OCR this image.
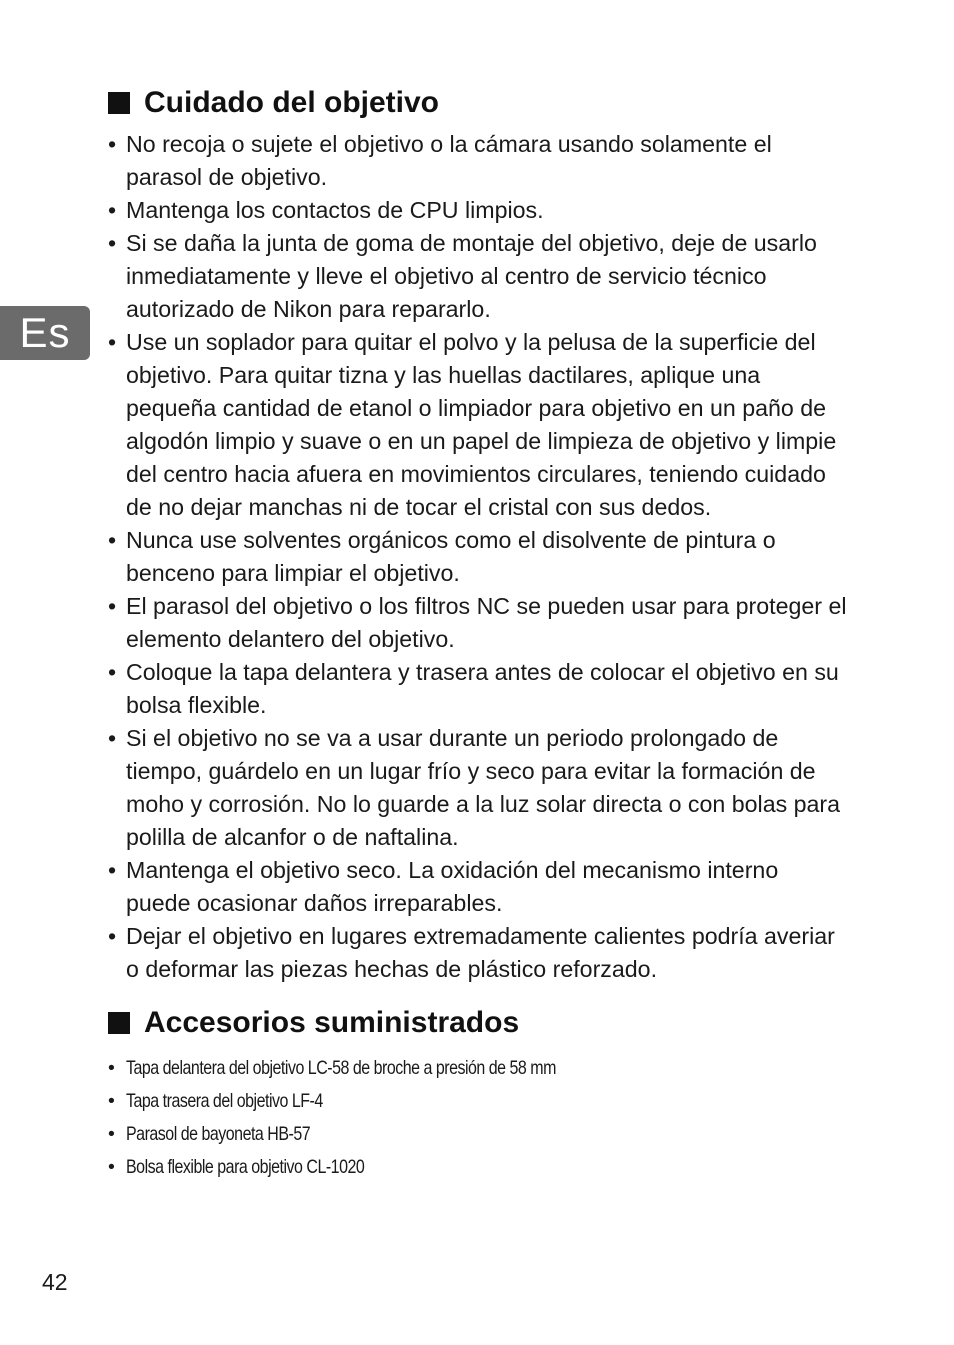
Es
Cuidado del objetivo
• No recoja o sujete el objetivo o la cámara usando solamente el parasol de objetivo.
• Mantenga los contactos de CPU limpios.
• Si se daña la junta de goma de montaje del objetivo, deje de usarlo inmediatamente y lleve el objetivo al centro de servicio técnico autorizado de Nikon para repararlo.
• Use un soplador para quitar el polvo y la pelusa de la superficie del objetivo. Para quitar tizna y las huellas dactilares, aplique una pequeña cantidad de etanol o limpiador para objetivo en un paño de algodón limpio y suave o en un papel de limpieza de objetivo y limpie del centro hacia afuera en movimientos circulares, teniendo cuidado de no dejar manchas ni de tocar el cristal con sus dedos.
• Nunca use solventes orgánicos como el disolvente de pintura o benceno para limpiar el objetivo.
• El parasol del objetivo o los filtros NC se pueden usar para proteger el elemento delantero del objetivo.
• Coloque la tapa delantera y trasera antes de colocar el objetivo en su bolsa flexible.
• Si el objetivo no se va a usar durante un periodo prolongado de tiempo, guárdelo en un lugar frío y seco para evitar la formación de moho y corrosión. No lo guarde a la luz solar directa o con bolas para polilla de alcanfor o de naftalina.
• Mantenga el objetivo seco. La oxidación del mecanismo interno puede ocasionar daños irreparables.
• Dejar el objetivo en lugares extremadamente calientes podría averiar o deformar las piezas hechas de plástico reforzado.
Accesorios suministrados
• Tapa delantera del objetivo LC-58 de broche a presión de 58 mm
• Tapa trasera del objetivo LF-4
• Parasol de bayoneta HB-57
• Bolsa flexible para objetivo CL-1020
42
